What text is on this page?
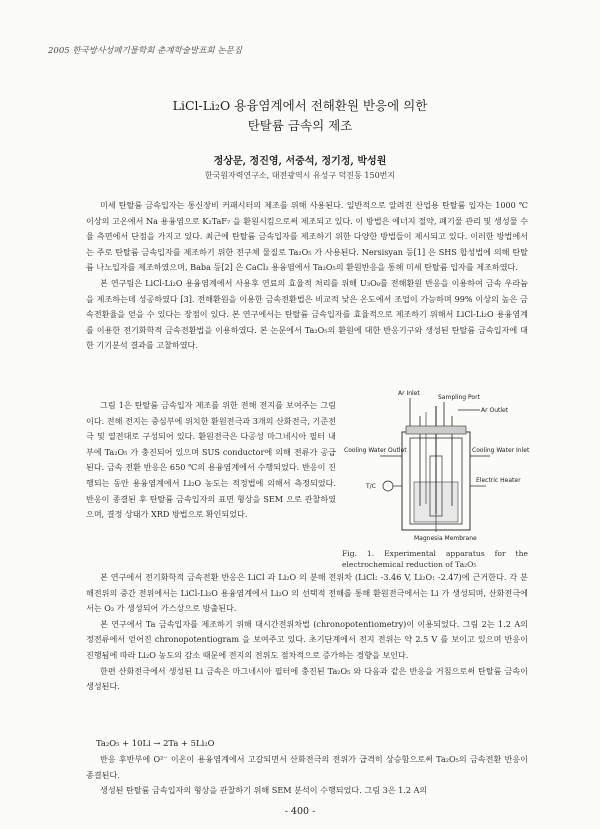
2005 한국방사성폐기물학회 춘계학술발표회 논문집
LiCl-Li₂O 용융염계에서 전해환원 반응에 의한
탄탈륨 금속의 제조
정상문, 정진영, 서중석, 정기정, 박성원
한국원자력연구소, 대전광역시 유성구 덕진동 150번지

미세 탄탈륨 금속입자는 통신장비 커패시터의 제조를 위해 사용된다. 일반적으로 알려진 산업용 탄탈륨 입자는 1000 ℃ 이상의 고온에서 Na 용융염으로 K₂TaF₇ 을 환원시킴으로써 제조되고 있다. 이 방법은 에너지 절약, 폐기물 관리 및 생성물 수율 측면에서 단점을 가지고 있다. 최근에 탄탈륨 금속입자를 제조하기 위한 다양한 방법들이 제시되고 있다. 이러한 방법에서는 주로 탄탈륨 금속입자를 제조하기 위한 전구체 물질로 Ta₂O₅ 가 사용된다. Nersisyan 등[1] 은 SHS 합성법에 의해 탄탈륨 나노입자를 제조하였으며, Baba 등[2] 은 CaCl₂ 용융염에서 Ta₂O₅의 환원반응을 통해 미세 탄탈륨 입자를 제조하였다.

본 연구팀은 LiCl-Li₂O 용융염계에서 사용후 연료의 효율적 처리를 위해 U₃O₈를 전해환원 반응을 이용하여 금속 우라늄을 제조하는데 성공하였다 [3]. 전해환원을 이용한 금속전환법은 비교적 낮은 온도에서 조업이 가능하며 99% 이상의 높은 금속전환율을 얻을 수 있다는 장점이 있다. 본 연구에서는 탄탈륨 금속입자를 효율적으로 제조하기 위해서 LiCl-Li₂O 용융염계를 이용한 전기화학적 금속전환법을 이용하였다. 본 논문에서 Ta₂O₅의 환원에 대한 반응기구와 생성된 탄탈륨 금속입자에 대한 기기분석 결과를 고찰하였다.

그림 1은 탄탈륨 금속입자 제조를 위한 전해 전지를 보여주는 그림이다. 전해 전지는 중심부에 위치한 환원전극과 3개의 산화전극, 기준전극 및 열전대로 구성되어 있다. 환원전극은 다공성 마그네시아 필터 내부에 Ta₂O₅ 가 충진되어 있으며 SUS conductor에 의해 전류가 공급된다. 금속 전환 반응은 650 ℃의 용융염계에서 수행되었다. 반응이 진행되는 동안 용융염계에서 Li₂O 농도는 적정법에 의해서 측정되었다. 반응이 종결된 후 탄탈륨 금속입자의 표면 형상을 SEM 으로 관찰하였으며, 결정 상태가 XRD 방법으로 확인되었다.

Ar Inlet
Sampling Port
Ar Outlet
Cooling Water Outlet	Cooling Water Inlet
T/C
Electric Heater
Magnesia Membrane
Fig. 1. Experimental apparatus for the electrochemical reduction of Ta₂O₅

본 연구에서 전기화학적 금속전환 반응은 LiCl 과 Li₂O 의 분해 전위차 (LiCl: -3.46 V, Li₂O: -2.47)에 근거한다. 각 분해전위의 중간 전위에서는 LiCl-Li₂O 용융염계에서 Li₂O 의 선택적 전해를 통해 환원전극에서는 Li 가 생성되며, 산화전극에서는 O₂ 가 생성되어 가스상으로 방출된다.

본 연구에서 Ta 금속입자를 제조하기 위해 대시간전위차법 (chronopotentiometry)이 이용되었다. 그림 2는 1.2 A의 정전류에서 얻어진 chronopotentiogram 을 보여주고 있다. 초기단계에서 전지 전위는 약 2.5 V 를 보이고 있으며 반응이 진행됨에 따라 Li₂O 농도의 감소 때문에 전지의 전위도 점차적으로 증가하는 경향을 보인다.

한편 산화전극에서 생성된 Li 금속은 마그네시아 필터에 충진된 Ta₂O₅ 와 다음과 같은 반응을 거침으로써 탄탈륨 금속이 생성된다.

Ta₂O₅ + 10Li → 2Ta + 5Li₂O

반응 후반부에 O²⁻ 이온이 용융염계에서 고갈되면서 산화전극의 전위가 급격히 상승함으로써 Ta₂O₅의 금속전환 반응이 종결된다.

생성된 탄탈륨 금속입자의 형상을 관찰하기 위해 SEM 분석이 수행되었다. 그림 3은 1.2 A의

- 400 -
